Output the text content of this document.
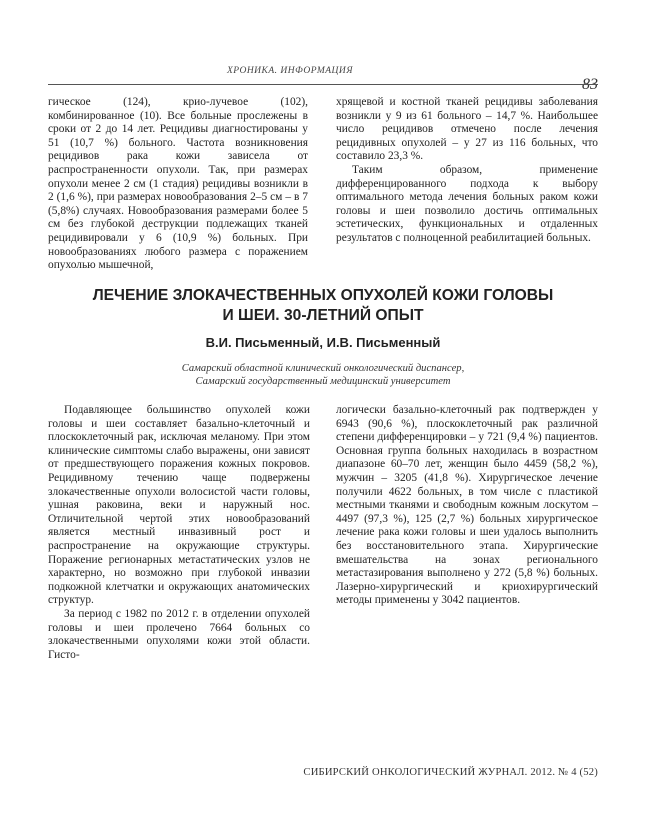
ХРОНИКА. ИНФОРМАЦИЯ
83

гическое (124), крио-лучевое (102), комбинированное (10). Все больные прослежены в сроки от 2 до 14 лет. Рецидивы диагностированы у 51 (10,7 %) больного. Частота возникновения рецидивов рака кожи зависела от распространенности опухоли. Так, при размерах опухоли менее 2 см (1 стадия) рецидивы возникли в 2 (1,6 %), при размерах новообразования 2–5 см – в 7 (5,8%) случаях. Новообразования размерами более 5 см без глубокой деструкции подлежащих тканей рецидивировали у 6 (10,9 %) больных. При новообразованиях любого размера с поражением опухолью мышечной,

хрящевой и костной тканей рецидивы заболевания возникли у 9 из 61 больного – 14,7 %. Наибольшее число рецидивов отмечено после лечения рецидивных опухолей – у 27 из 116 больных, что составило 23,3 %.

Таким образом, применение дифференцированного подхода к выбору оптимального метода лечения больных раком кожи головы и шеи позволило достичь оптимальных эстетических, функциональных и отдаленных результатов с полноценной реабилитацией больных.

ЛЕЧЕНИЕ ЗЛОКАЧЕСТВЕННЫХ ОПУХОЛЕЙ КОЖИ ГОЛОВЫ
И ШЕИ. 30-ЛЕТНИЙ ОПЫТ
В.И. Письменный, И.В. Письменный
Самарский областной клинический онкологический диспансер,
Самарский государственный медицинский университет

Подавляющее большинство опухолей кожи головы и шеи составляет базально-клеточный и плоскоклеточный рак, исключая меланому. При этом клинические симптомы слабо выражены, они зависят от предшествующего поражения кожных покровов. Рецидивному течению чаще подвержены злокачественные опухоли волосистой части головы, ушная раковина, веки и наружный нос. Отличительной чертой этих новообразований является местный инвазивный рост и распространение на окружающие структуры. Поражение регионарных метастатических узлов не характерно, но возможно при глубокой инвазии подкожной клетчатки и окружающих анатомических структур.

За период с 1982 по 2012 г. в отделении опухолей головы и шеи пролечено 7664 больных со злокачественными опухолями кожи этой области. Гисто-

логически базально-клеточный рак подтвержден у 6943 (90,6 %), плоскоклеточный рак различной степени дифференцировки – у 721 (9,4 %) пациентов. Основная группа больных находилась в возрастном диапазоне 60–70 лет, женщин было 4459 (58,2 %), мужчин – 3205 (41,8 %). Хирургическое лечение получили 4622 больных, в том числе с пластикой местными тканями и свободным кожным лоскутом – 4497 (97,3 %), 125 (2,7 %) больных хирургическое лечение рака кожи головы и шеи удалось выполнить без восстановительного этапа. Хирургические вмешательства на зонах регионального метастазирования выполнено у 272 (5,8 %) больных. Лазерно-хирургический и криохирургический методы применены у 3042 пациентов.

СИБИРСКИЙ ОНКОЛОГИЧЕСКИЙ ЖУРНАЛ. 2012. № 4 (52)
